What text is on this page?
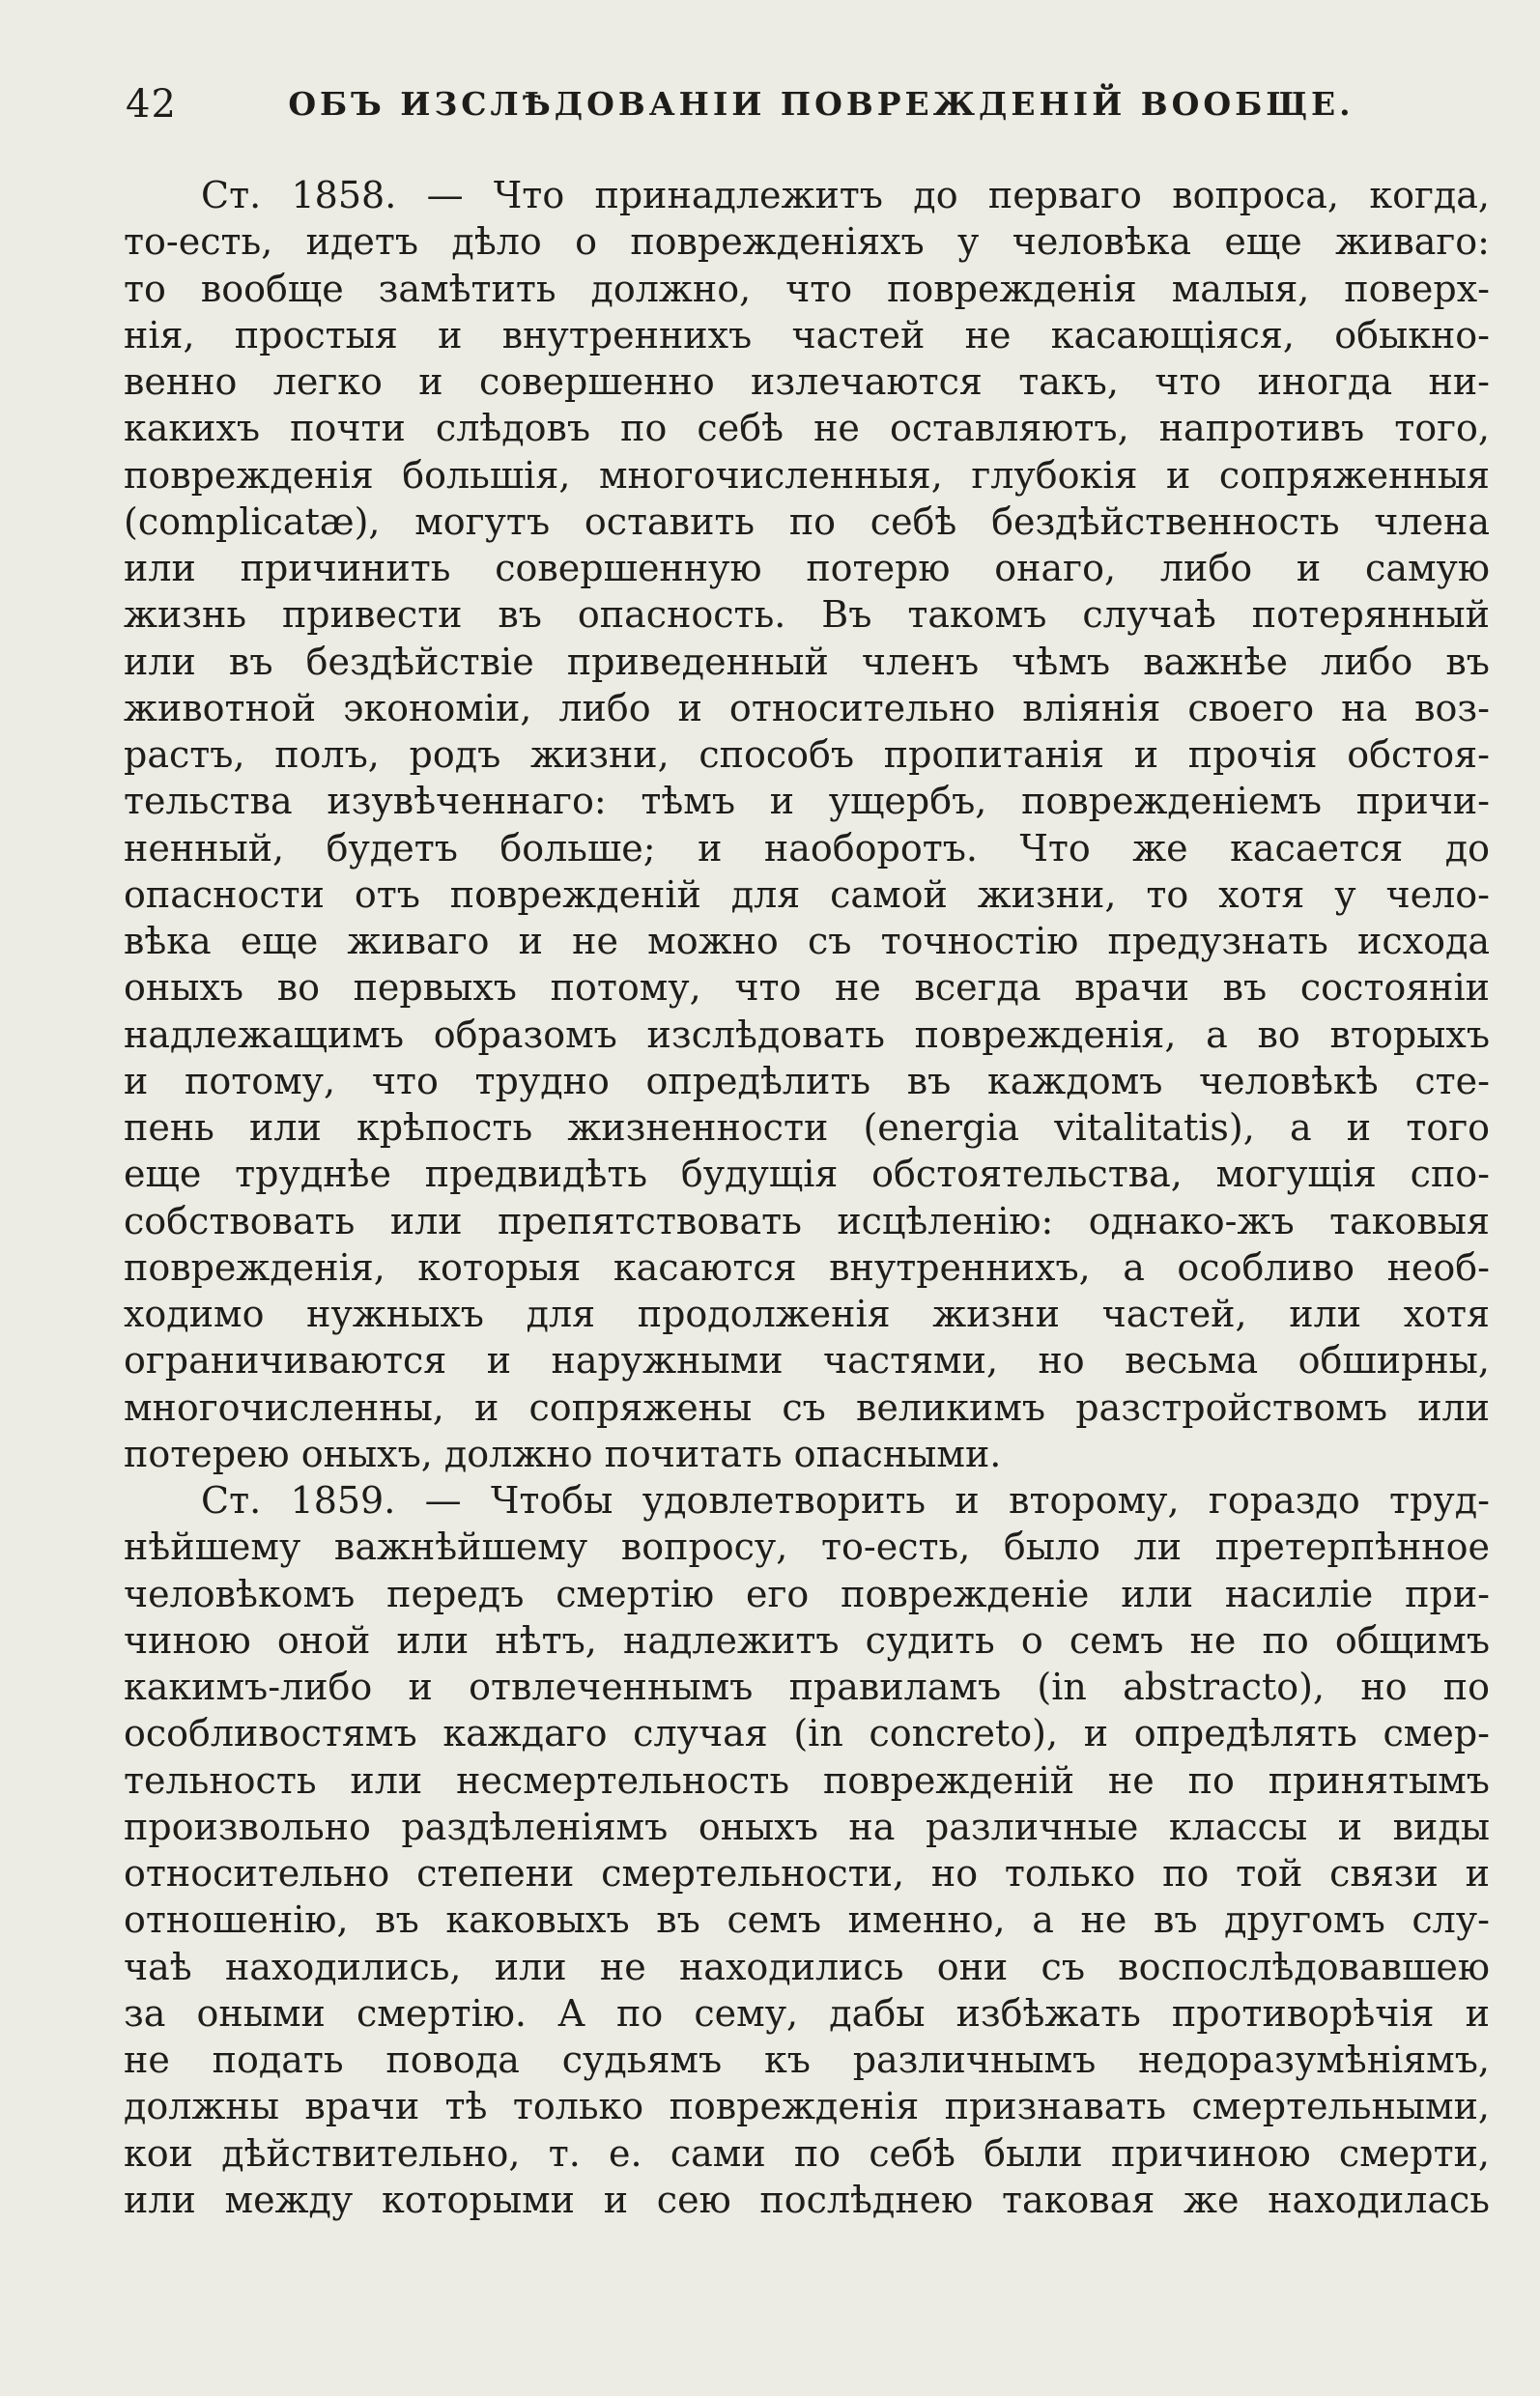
42	ОБЪ ИЗСЛѢДОВАНІИ ПОВРЕЖДЕНІЙ ВООБЩЕ.
Ст. 1858. — Что принадлежитъ до перваго вопроса, когда,
то-есть, идетъ дѣло о поврежденіяхъ у человѣка еще живаго:
то вообще замѣтить должно, что поврежденія малыя, поверх-
нія, простыя и внутреннихъ частей не касающіяся, обыкно-
венно легко и совершенно излечаются такъ, что иногда ни-
какихъ почти слѣдовъ по себѣ не оставляютъ, напротивъ того,
поврежденія большія, многочисленныя, глубокія и сопряженныя
(complicatæ), могутъ оставить по себѣ бездѣйственность члена
или причинить совершенную потерю онаго, либо и самую
жизнь привести въ опасность. Въ такомъ случаѣ потерянный
или въ бездѣйствіе приведенный членъ чѣмъ важнѣе либо въ
животной экономіи, либо и относительно вліянія своего на воз-
растъ, полъ, родъ жизни, способъ пропитанія и прочія обстоя-
тельства изувѣченнаго: тѣмъ и ущербъ, поврежденіемъ причи-
ненный, будетъ больше; и наоборотъ. Что же касается до
опасности отъ поврежденій для самой жизни, то хотя у чело-
вѣка еще живаго и не можно съ точностію предузнать исхода
оныхъ во первыхъ потому, что не всегда врачи въ состояніи
надлежащимъ образомъ изслѣдовать поврежденія, а во вторыхъ
и потому, что трудно опредѣлить въ каждомъ человѣкѣ сте-
пень или крѣпость жизненности (energia vitalitatis), а и того
еще труднѣе предвидѣть будущія обстоятельства, могущія спо-
собствовать или препятствовать исцѣленію: однако-жъ таковыя
поврежденія, которыя касаются внутреннихъ, а особливо необ-
ходимо нужныхъ для продолженія жизни частей, или хотя
ограничиваются и наружными частями, но весьма обширны,
многочисленны, и сопряжены съ великимъ разстройствомъ или
потерею оныхъ, должно почитать опасными.
Ст. 1859. — Чтобы удовлетворить и второму, гораздо труд-
нѣйшему важнѣйшему вопросу, то-есть, было ли претерпѣнное
человѣкомъ передъ смертію его поврежденіе или насиліе при-
чиною оной или нѣтъ, надлежитъ судить о семъ не по общимъ
какимъ-либо и отвлеченнымъ правиламъ (in abstracto), но по
особливостямъ каждаго случая (in concreto), и опредѣлять смер-
тельность или несмертельность поврежденій не по принятымъ
произвольно раздѣленіямъ оныхъ на различные классы и виды
относительно степени смертельности, но только по той связи и
отношенію, въ каковыхъ въ семъ именно, а не въ другомъ слу-
чаѣ находились, или не находились они съ воспослѣдовавшею
за оными смертію. А по сему, дабы избѣжать противорѣчія и
не подать повода судьямъ къ различнымъ недоразумѣніямъ,
должны врачи тѣ только поврежденія признавать смертельными,
кои дѣйствительно, т. е. сами по себѣ были причиною смерти,
или между которыми и сею послѣднею таковая же находилась
